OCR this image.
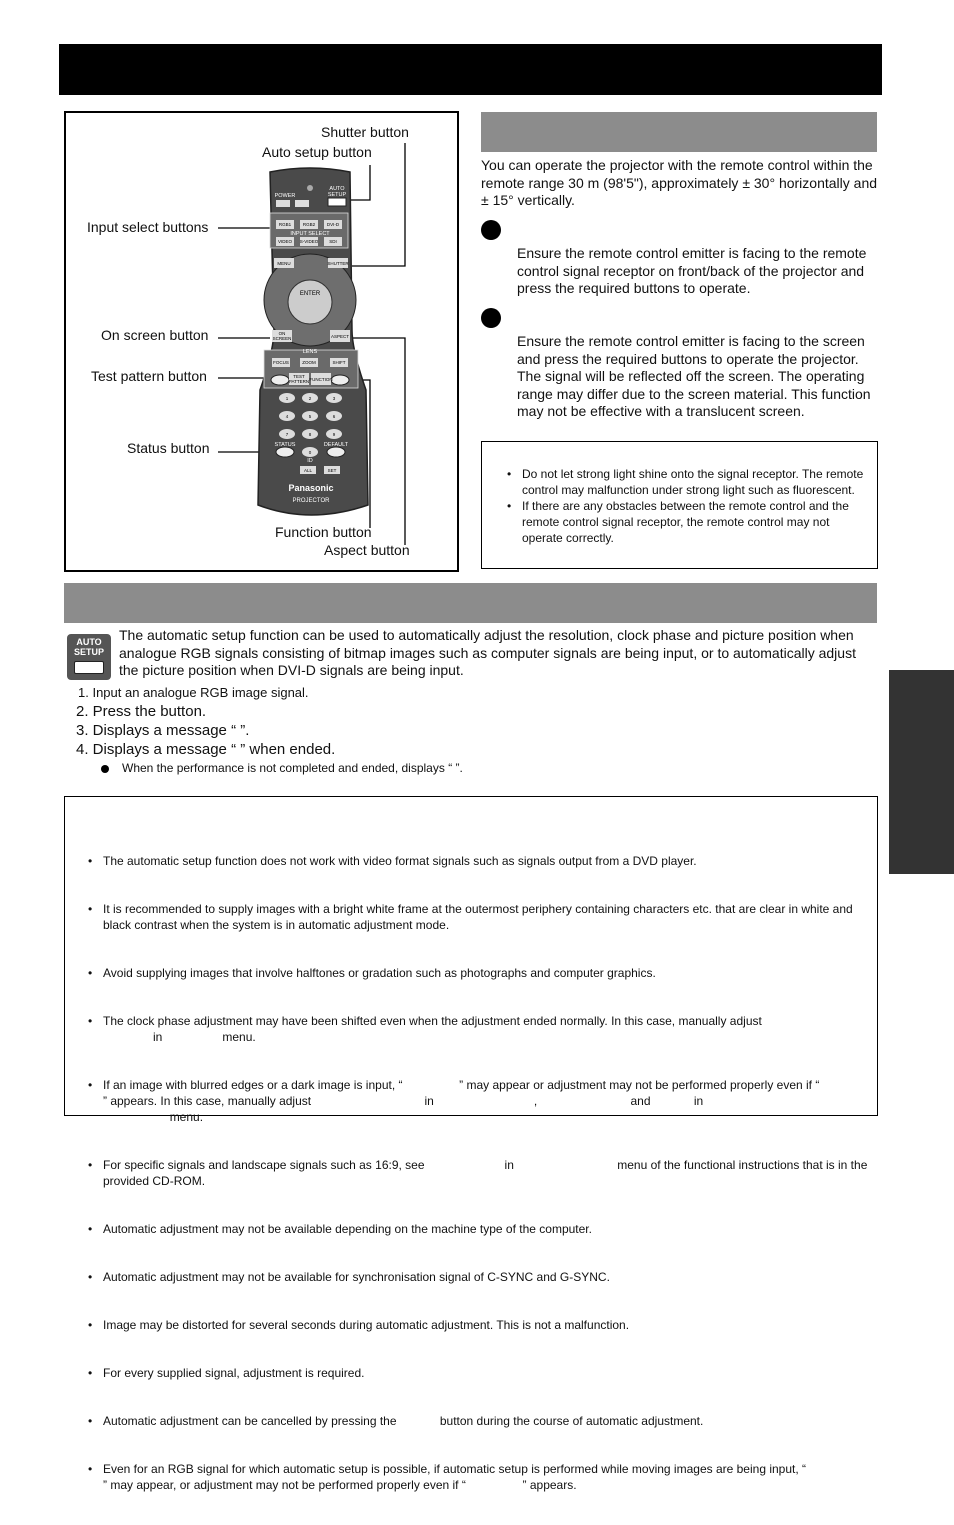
POWER
AUTO
SETUP
INPUT SELECT
ENTER
LENS
STATUS	DEFAULT
ID
Panasonic
PROJECTOR
RGB1	RGB2	DVI-D
VIDEO S-VIDEO SDI
MENU	SHUTTER
ON
SCREEN	ASPECT
FOCUS	ZOOM	SHIFT
TEST
PATTERN FUNCTION
1	2	3
4	5	6
7	8	9
0
ALL	SET
Shutter button
Auto setup button
Input select buttons
On screen button
Test pattern button
Status button
Function button
Aspect button
You can operate the projector with the remote control within the remote range 30 m (98'5"), approximately ± 30° horizontally and ± 15° vertically.
Ensure the remote control emitter is facing to the remote control signal receptor on front/back of the projector and press the required buttons to operate.
Ensure the remote control emitter is facing to the screen and press the required buttons to operate the projector. The signal will be reflected off the screen. The operating range may differ due to the screen material. This function may not be effective with a translucent screen.
• Do not let strong light shine onto the signal receptor. The remote control may malfunction under strong light such as fluorescent.
• If there are any obstacles between the remote control and the remote control signal receptor, the remote control may not operate correctly.
AUTO
SETUP
The automatic setup function can be used to automatically adjust the resolution, clock phase and picture position when analogue RGB signals consisting of bitmap images such as computer signals are being input, or to automatically adjust the picture position when DVI-D signals are being input.
1. Input an analogue RGB image signal.
2. Press the button.
3. Displays a message “ ”.
4. Displays a message “ ” when ended.
When the performance is not completed and ended, displays “ ”.

• The automatic setup function does not work with video format signals such as signals output from a DVD player.

• It is recommended to supply images with a bright white frame at the outermost periphery containing characters etc. that are clear in white and black contrast when the system is in automatic adjustment mode.

• Avoid supplying images that involve halftones or gradation such as photographs and computer graphics.

• The clock phase adjustment may have been shifted even when the adjustment ended normally. In this case, manually adjust
in                  menu.

• If an image with blurred edges or a dark image is input, “                 ” may appear or adjustment may not be performed properly even if “                 ” appears. In this case, manually adjust                                  in                              ,                            and             in
menu.

• For specific signals and landscape signals such as 16:9, see                        in                               menu of the functional instructions that is in the provided CD-ROM.

• Automatic adjustment may not be available depending on the machine type of the computer.

• Automatic adjustment may not be available for synchronisation signal of C-SYNC and G-SYNC.

• Image may be distorted for several seconds during automatic adjustment. This is not a malfunction.

• For every supplied signal, adjustment is required.

• Automatic adjustment can be cancelled by pressing the             button during the course of automatic adjustment.

• Even for an RGB signal for which automatic setup is possible, if automatic setup is performed while moving images are being input, “                   ” may appear, or adjustment may not be performed properly even if “                 ” appears.
